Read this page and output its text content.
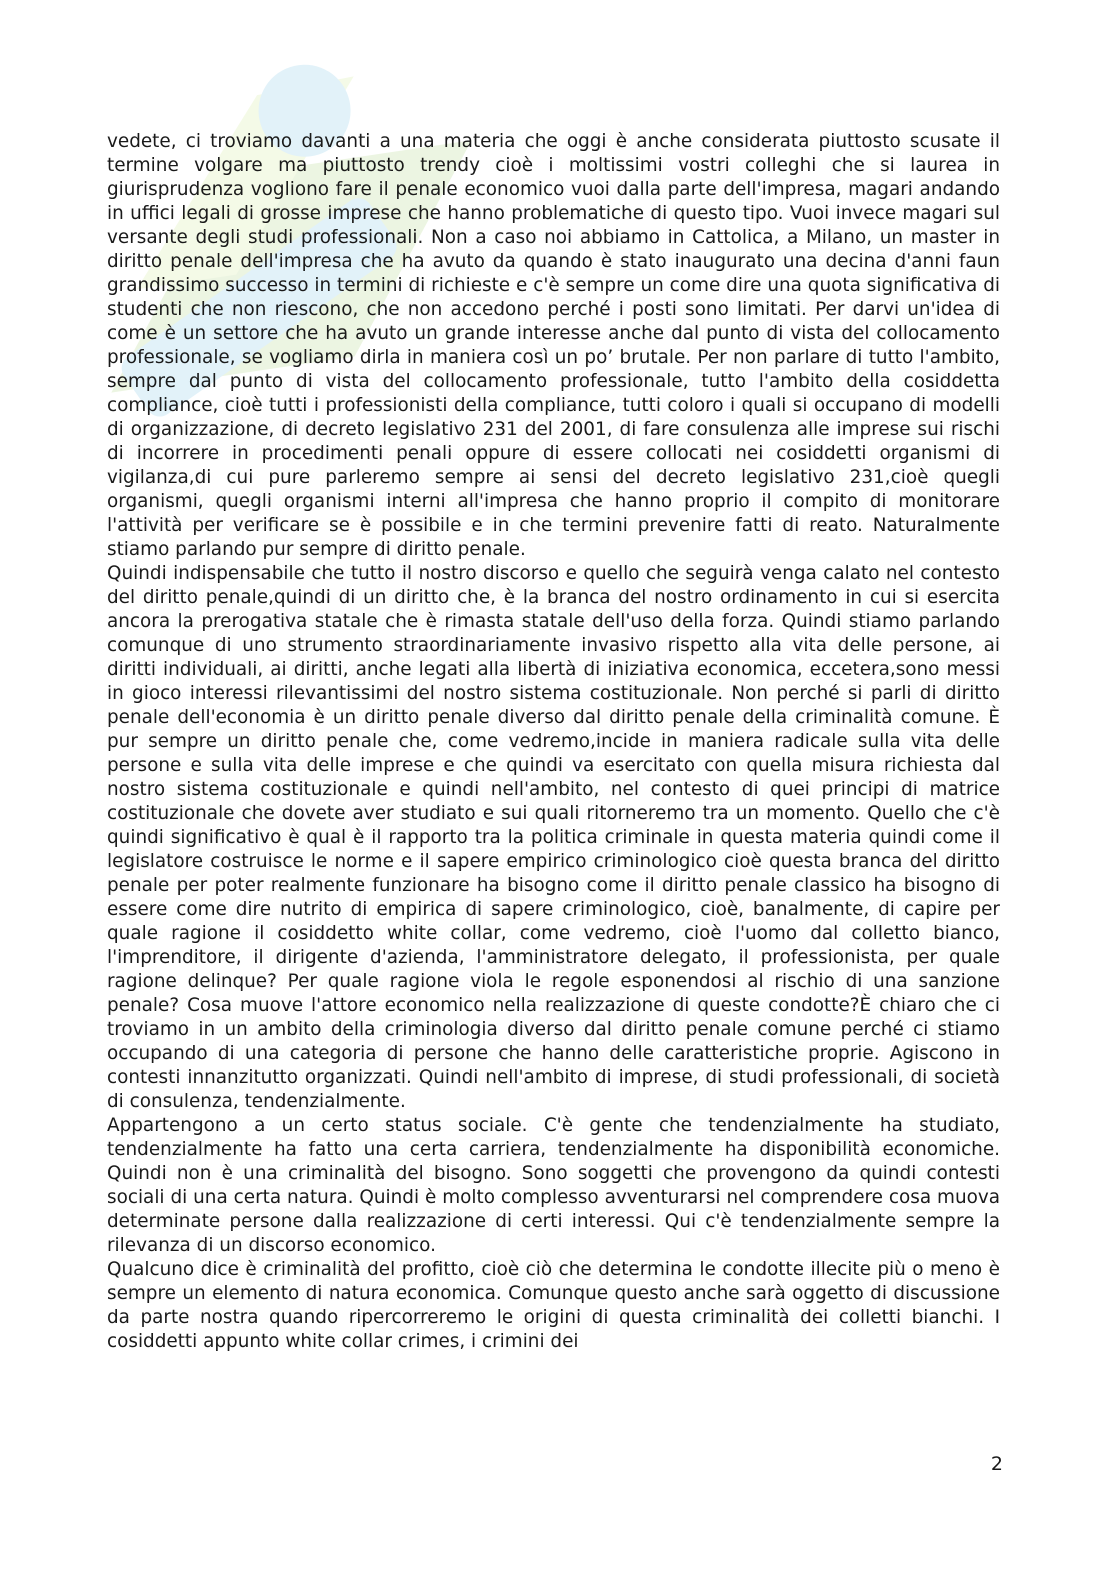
vedete, ci troviamo davanti a una materia che oggi è anche considerata piuttosto scusate il termine volgare ma piuttosto trendy cioè i moltissimi vostri colleghi che si laurea in giurisprudenza vogliono fare il penale economico vuoi dalla parte dell'impresa, magari andando in uffici legali di grosse imprese che hanno problematiche di questo tipo. Vuoi invece magari sul versante degli studi professionali. Non a caso noi abbiamo in Cattolica, a Milano, un master in diritto penale dell'impresa che ha avuto da quando è stato inaugurato una decina d'anni faun grandissimo successo in termini di richieste e c'è sempre un come dire una quota significativa di studenti che non riescono, che non accedono perché i posti sono limitati. Per darvi un'idea di come è un settore che ha avuto un grande interesse anche dal punto di vista del collocamento professionale, se vogliamo dirla in maniera così un po’ brutale. Per non parlare di tutto l'ambito, sempre dal punto di vista del collocamento professionale, tutto l'ambito della cosiddetta compliance, cioè tutti i professionisti della compliance, tutti coloro i quali si occupano di modelli di organizzazione, di decreto legislativo 231 del 2001, di fare consulenza alle imprese sui rischi di incorrere in procedimenti penali oppure di essere collocati nei cosiddetti organismi di vigilanza,di cui pure parleremo sempre ai sensi del decreto legislativo 231,cioè quegli organismi, quegli organismi interni all'impresa che hanno proprio il compito di monitorare l'attività per verificare se è possibile e in che termini prevenire fatti di reato. Naturalmente stiamo parlando pur sempre di diritto penale.

Quindi indispensabile che tutto il nostro discorso e quello che seguirà venga calato nel contesto del diritto penale,quindi di un diritto che, è la branca del nostro ordinamento in cui si esercita ancora la prerogativa statale che è rimasta statale dell'uso della forza. Quindi stiamo parlando comunque di uno strumento straordinariamente invasivo rispetto alla vita delle persone, ai diritti individuali, ai diritti, anche legati alla libertà di iniziativa economica, eccetera,sono messi in gioco interessi rilevantissimi del nostro sistema costituzionale. Non perché si parli di diritto penale dell'economia è un diritto penale diverso dal diritto penale della criminalità comune. È pur sempre un diritto penale che, come vedremo,incide in maniera radicale sulla vita delle persone e sulla vita delle imprese e che quindi va esercitato con quella misura richiesta dal nostro sistema costituzionale e quindi nell'ambito, nel contesto di quei principi di matrice costituzionale che dovete aver studiato e sui quali ritorneremo tra un momento. Quello che c'è quindi significativo è qual è il rapporto tra la politica criminale in questa materia quindi come il legislatore costruisce le norme e il sapere empirico criminologico cioè questa branca del diritto penale per poter realmente funzionare ha bisogno come il diritto penale classico ha bisogno di essere come dire nutrito di empirica di sapere criminologico, cioè, banalmente, di capire per quale ragione il cosiddetto white collar, come vedremo, cioè l'uomo dal colletto bianco, l'imprenditore, il dirigente d'azienda, l'amministratore delegato, il professionista, per quale ragione delinque? Per quale ragione viola le regole esponendosi al rischio di una sanzione penale? Cosa muove l'attore economico nella realizzazione di queste condotte?È chiaro che ci troviamo in un ambito della criminologia diverso dal diritto penale comune perché ci stiamo occupando di una categoria di persone che hanno delle caratteristiche proprie. Agiscono in contesti innanzitutto organizzati. Quindi nell'ambito di imprese, di studi professionali, di società di consulenza, tendenzialmente.

Appartengono a un certo status sociale. C'è gente che tendenzialmente ha studiato, tendenzialmente ha fatto una certa carriera, tendenzialmente ha disponibilità economiche. Quindi non è una criminalità del bisogno. Sono soggetti che provengono da quindi contesti sociali di una certa natura. Quindi è molto complesso avventurarsi nel comprendere cosa muova determinate persone dalla realizzazione di certi interessi. Qui c'è tendenzialmente sempre la rilevanza di un discorso economico.

Qualcuno dice è criminalità del profitto, cioè ciò che determina le condotte illecite più o meno è sempre un elemento di natura economica. Comunque questo anche sarà oggetto di discussione da parte nostra quando ripercorreremo le origini di questa criminalità dei colletti bianchi. I cosiddetti appunto white collar crimes, i crimini dei

2
